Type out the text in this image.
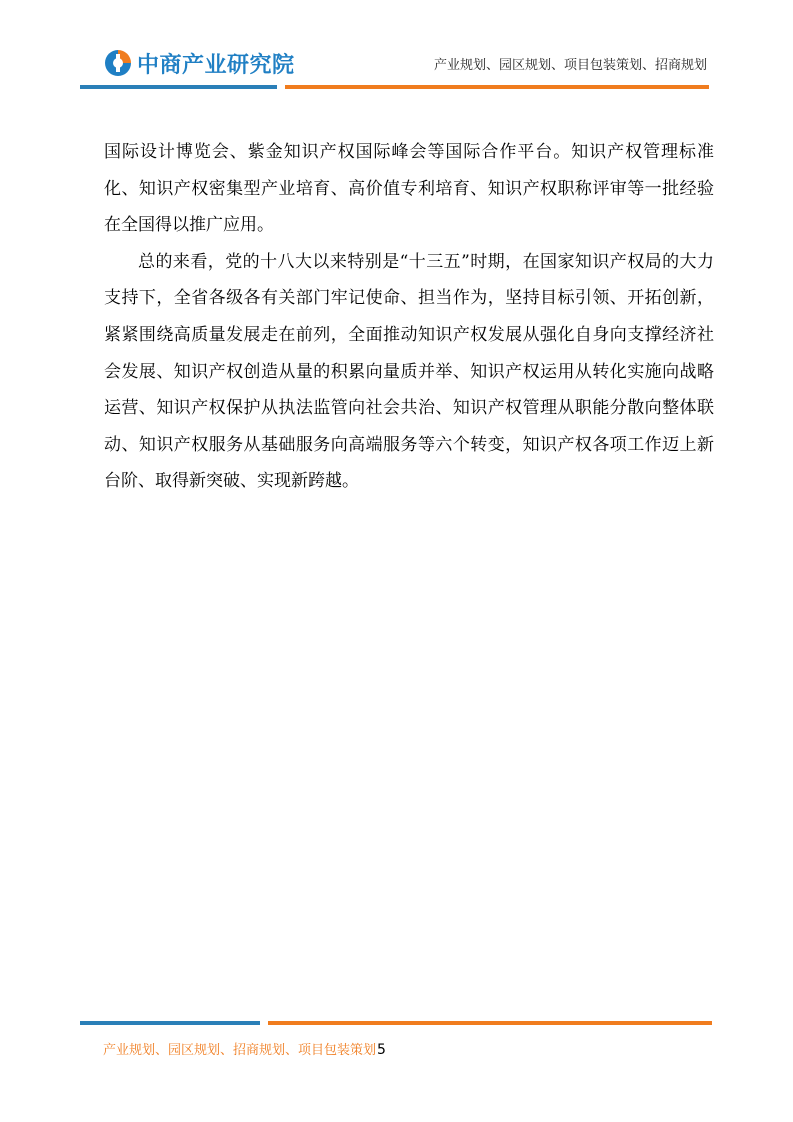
中商产业研究院	产业规划、园区规划、项目包装策划、招商规划

国际设计博览会、紫金知识产权国际峰会等国际合作平台。知识产权管理标准化、知识产权密集型产业培育、高价值专利培育、知识产权职称评审等一批经验在全国得以推广应用。

总的来看，党的十八大以来特别是“十三五”时期，在国家知识产权局的大力支持下，全省各级各有关部门牢记使命、担当作为，坚持目标引领、开拓创新，紧紧围绕高质量发展走在前列，全面推动知识产权发展从强化自身向支撑经济社会发展、知识产权创造从量的积累向量质并举、知识产权运用从转化实施向战略运营、知识产权保护从执法监管向社会共治、知识产权管理从职能分散向整体联动、知识产权服务从基础服务向高端服务等六个转变，知识产权各项工作迈上新台阶、取得新突破、实现新跨越。

产业规划、园区规划、招商规划、项目包装策划5
